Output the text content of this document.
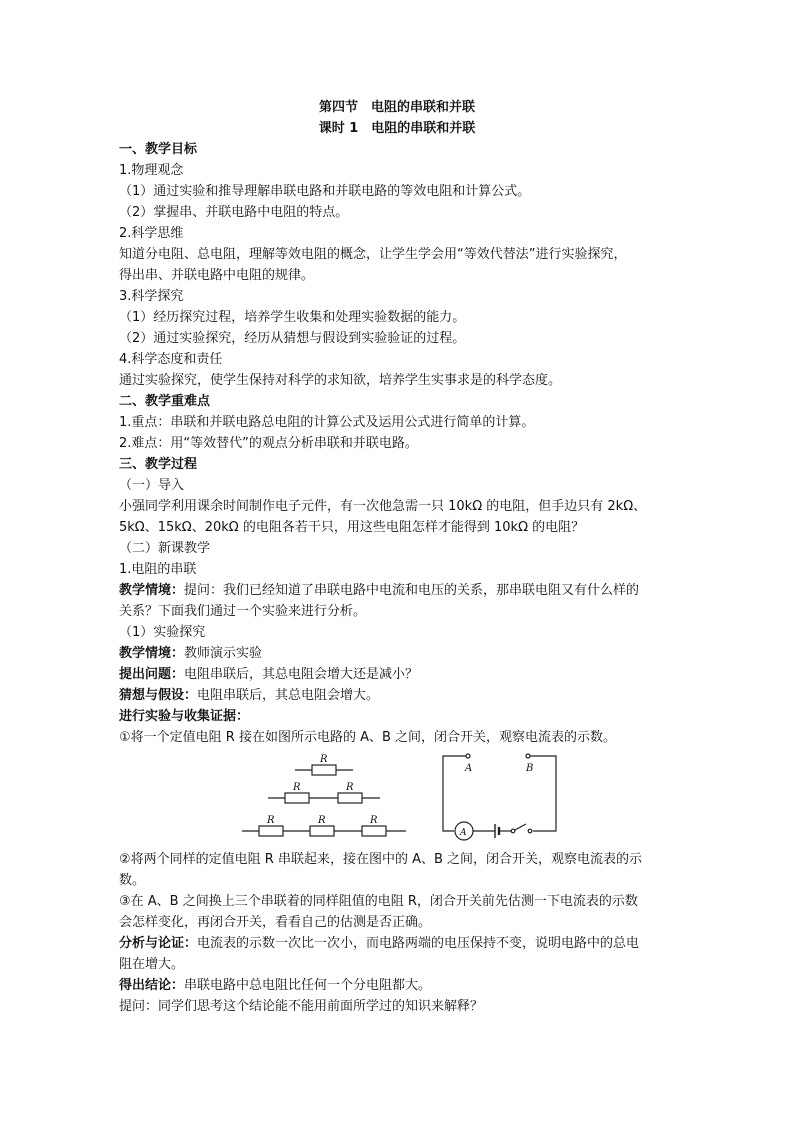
第四节　电阻的串联和并联
课时 1　电阻的串联和并联
一、教学目标
1.物理观念
（1）通过实验和推导理解串联电路和并联电路的等效电阻和计算公式。
（2）掌握串、并联电路中电阻的特点。
2.科学思维
知道分电阻、总电阻，理解等效电阻的概念，让学生学会用“等效代替法”进行实验探究，
得出串、并联电路中电阻的规律。
3.科学探究
（1）经历探究过程，培养学生收集和处理实验数据的能力。
（2）通过实验探究，经历从猜想与假设到实验验证的过程。
4.科学态度和责任
通过实验探究，使学生保持对科学的求知欲，培养学生实事求是的科学态度。
二、教学重难点
1.重点：串联和并联电路总电阻的计算公式及运用公式进行简单的计算。
2.难点：用“等效替代”的观点分析串联和并联电路。
三、教学过程
（一）导入
小强同学利用课余时间制作电子元件，有一次他急需一只 10kΩ 的电阻，但手边只有 2kΩ、
5kΩ、15kΩ、20kΩ 的电阻各若干只，用这些电阻怎样才能得到 10kΩ 的电阻？
（二）新课教学
1.电阻的串联
教学情境：提问：我们已经知道了串联电路中电流和电压的关系，那串联电阻又有什么样的
关系？下面我们通过一个实验来进行分析。
（1）实验探究
教学情境：教师演示实验
提出问题：电阻串联后，其总电阻会增大还是减小？
猜想与假设：电阻串联后，其总电阻会增大。
进行实验与收集证据：
①将一个定值电阻 R 接在如图所示电路的 A、B 之间，闭合开关，观察电流表的示数。
R
R	R
R	R	R
A	B
A
②将两个同样的定值电阻 R 串联起来，接在图中的 A、B 之间，闭合开关，观察电流表的示
数。
③在 A、B 之间换上三个串联着的同样阻值的电阻 R，闭合开关前先估测一下电流表的示数
会怎样变化，再闭合开关，看看自己的估测是否正确。
分析与论证：电流表的示数一次比一次小，而电路两端的电压保持不变，说明电路中的总电
阻在增大。
得出结论：串联电路中总电阻比任何一个分电阻都大。
提问：同学们思考这个结论能不能用前面所学过的知识来解释？
